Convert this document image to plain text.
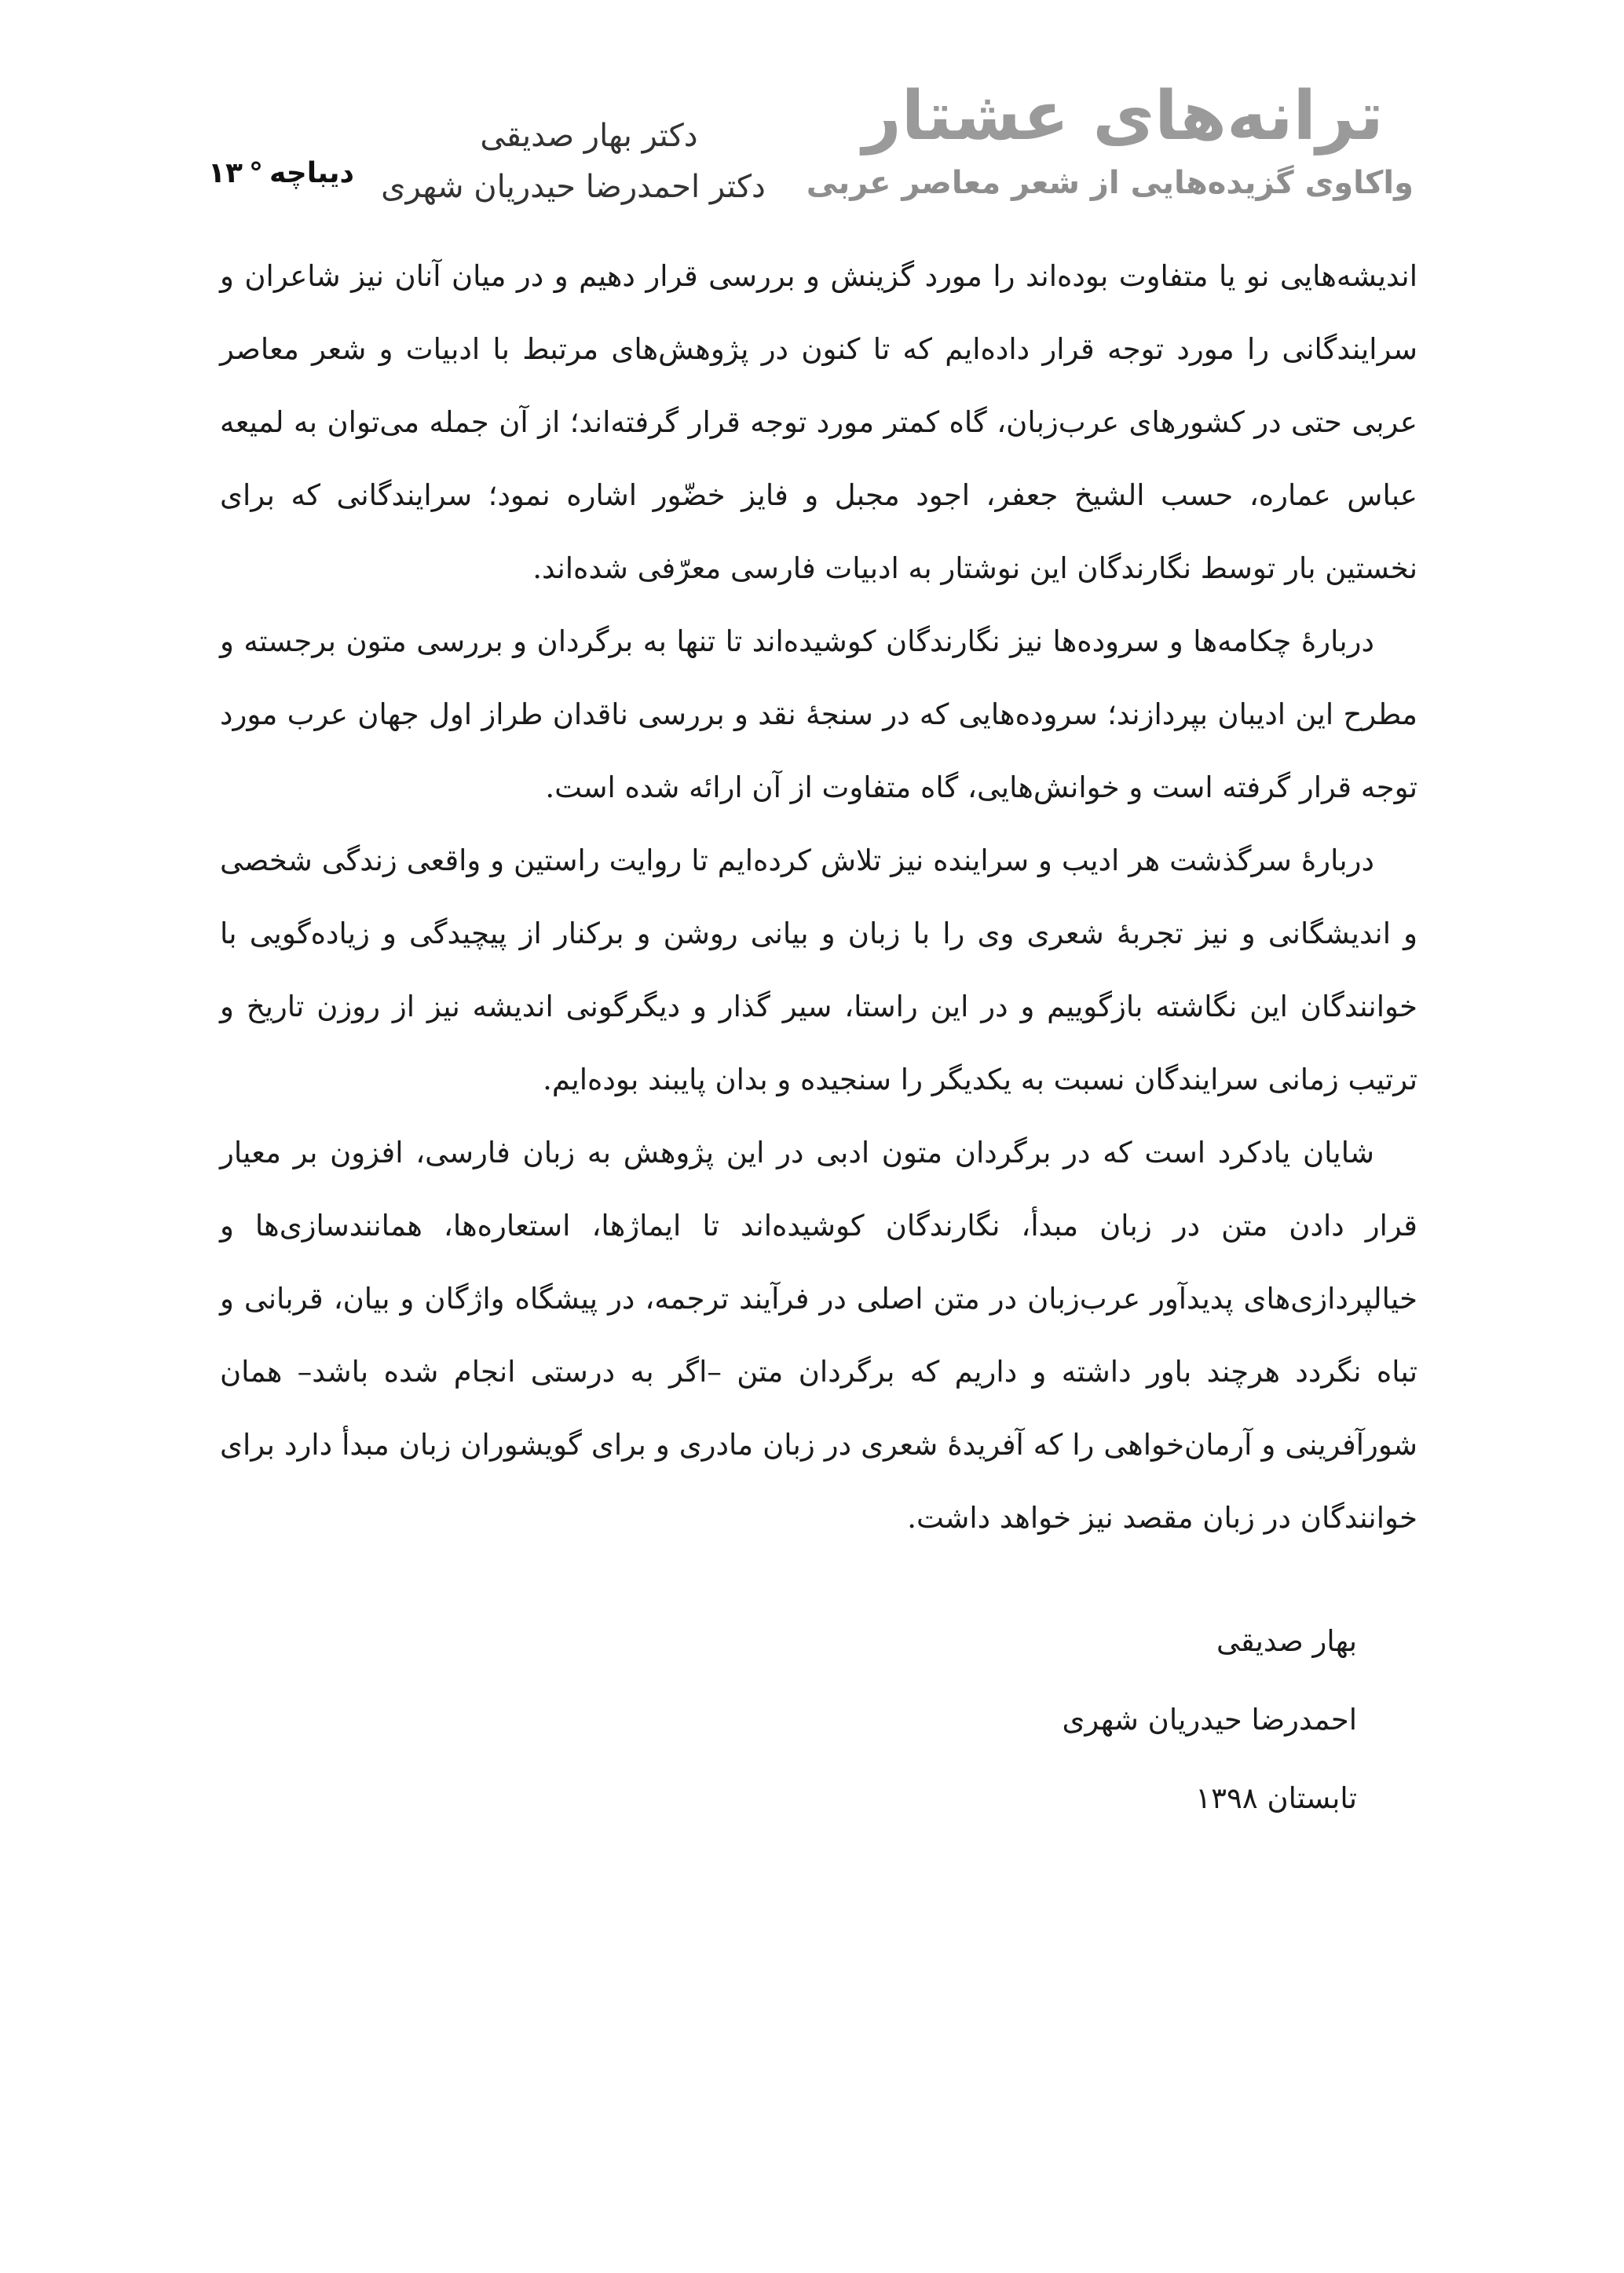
ترانه‌های عشتار
واکاوی گزیده‌هایی از شعر معاصر عربی
دکتر بهار صدیقی
دکتر احمدرضا حیدریان شهری
دیباچه°۱۳

اندیشه‌هایی نو یا متفاوت بوده‌اند را مورد گزینش و بررسی قرار دهیم و در میان آنان نیز شاعران و سرایندگانی را مورد توجه قرار داده‌ایم که تا کنون در پژوهش‌های مرتبط با ادبیات و شعر معاصر عربی حتی در کشورهای عرب‌زبان، گاه کمتر مورد توجه قرار گرفته‌اند؛ از آن جمله می‌توان به لمیعه عباس عماره، حسب الشیخ جعفر، اجود مجبل و فایز خضّور اشاره نمود؛ سرایندگانی که برای نخستین بار توسط نگارندگان این نوشتار به ادبیات فارسی معرّفی شده‌اند.

دربارهٔ چکامه‌ها و سروده‌ها نیز نگارندگان کوشیده‌اند تا تنها به برگردان و بررسی متون برجسته و مطرح این ادیبان بپردازند؛ سروده‌هایی که در سنجهٔ نقد و بررسی ناقدان طراز اول جهان عرب مورد توجه قرار گرفته است و خوانش‌هایی، گاه متفاوت از آن ارائه شده است.

دربارهٔ سرگذشت هر ادیب و سراینده نیز تلاش کرده‌ایم تا روایت راستین و واقعی زندگی شخصی و اندیشگانی و نیز تجربهٔ شعری وی را با زبان و بیانی روشن و برکنار از پیچیدگی و زیاده‌گویی با خوانندگان این نگاشته بازگوییم و در این راستا، سیر گذار و دیگرگونی اندیشه نیز از روزن تاریخ و ترتیب زمانی سرایندگان نسبت به یکدیگر را سنجیده و بدان پایبند بوده‌ایم.

شایان یادکرد است که در برگردان متون ادبی در این پژوهش به زبان فارسی، افزون بر معیار قرار دادن متن در زبان مبدأ، نگارندگان کوشیده‌اند تا ایماژها، استعاره‌ها، همانندسازی‌ها و خیالپردازی‌های پدیدآور عرب‌زبان در متن اصلی در فرآیند ترجمه، در پیشگاه واژگان و بیان، قربانی و تباه نگردد هرچند باور داشته و داریم که برگردان متن –اگر به درستی انجام شده باشد– همان شورآفرینی و آرمان‌خواهی را که آفریدهٔ شعری در زبان مادری و برای گویشوران زبان مبدأ دارد برای خوانندگان در زبان مقصد نیز خواهد داشت.

بهار صدیقی
احمدرضا حیدریان شهری
تابستان ۱۳۹۸
